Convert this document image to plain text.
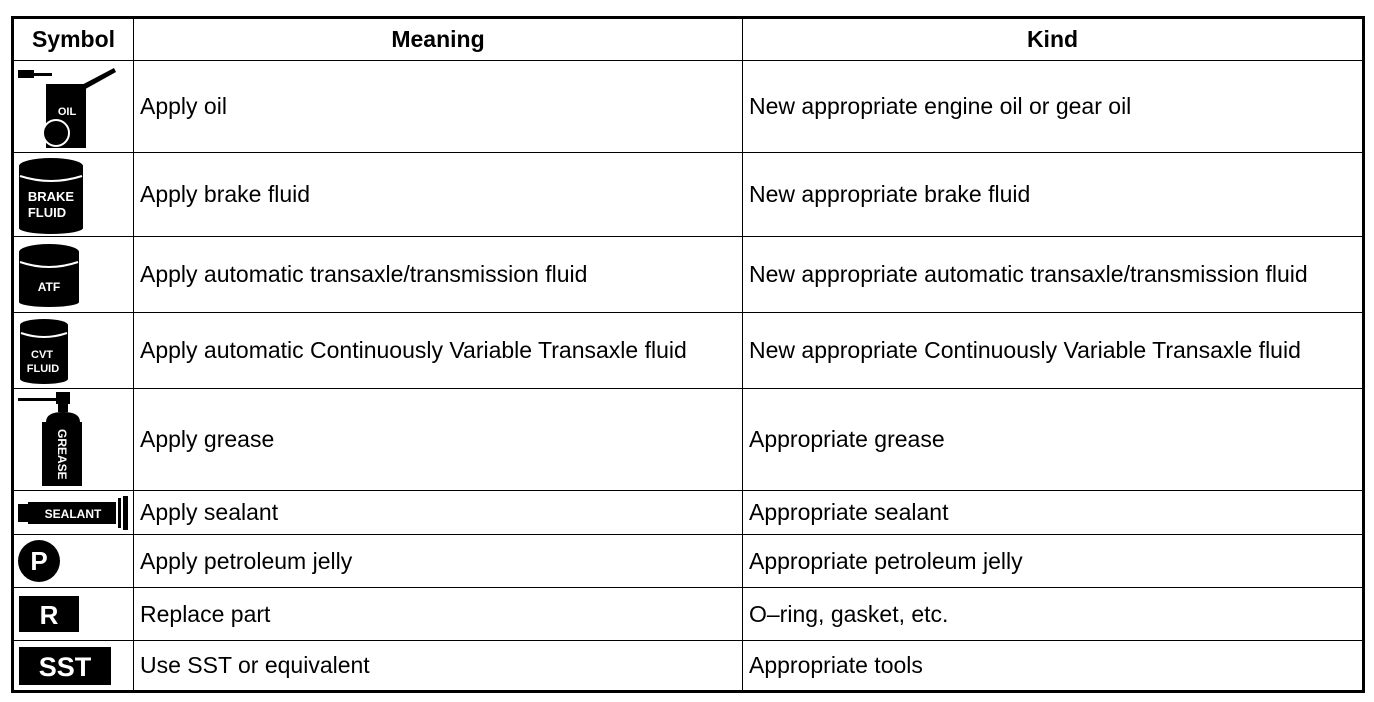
Symbol	Meaning	Kind

OIL	Apply oil	New appropriate engine oil or gear oil

BRAKE
FLUID	Apply brake fluid	New appropriate brake fluid

ATF	Apply automatic transaxle/transmission fluid	New appropriate automatic transaxle/transmission fluid

CVT
FLUID	Apply automatic Continuously Variable Transaxle fluid	New appropriate Continuously Variable Transaxle fluid

GREASE	Apply grease	Appropriate grease

SEALANT	Apply sealant	Appropriate sealant

P	Apply petroleum jelly	Appropriate petroleum jelly

R	Replace part	O–ring, gasket, etc.

SST	Use SST or equivalent	Appropriate tools
